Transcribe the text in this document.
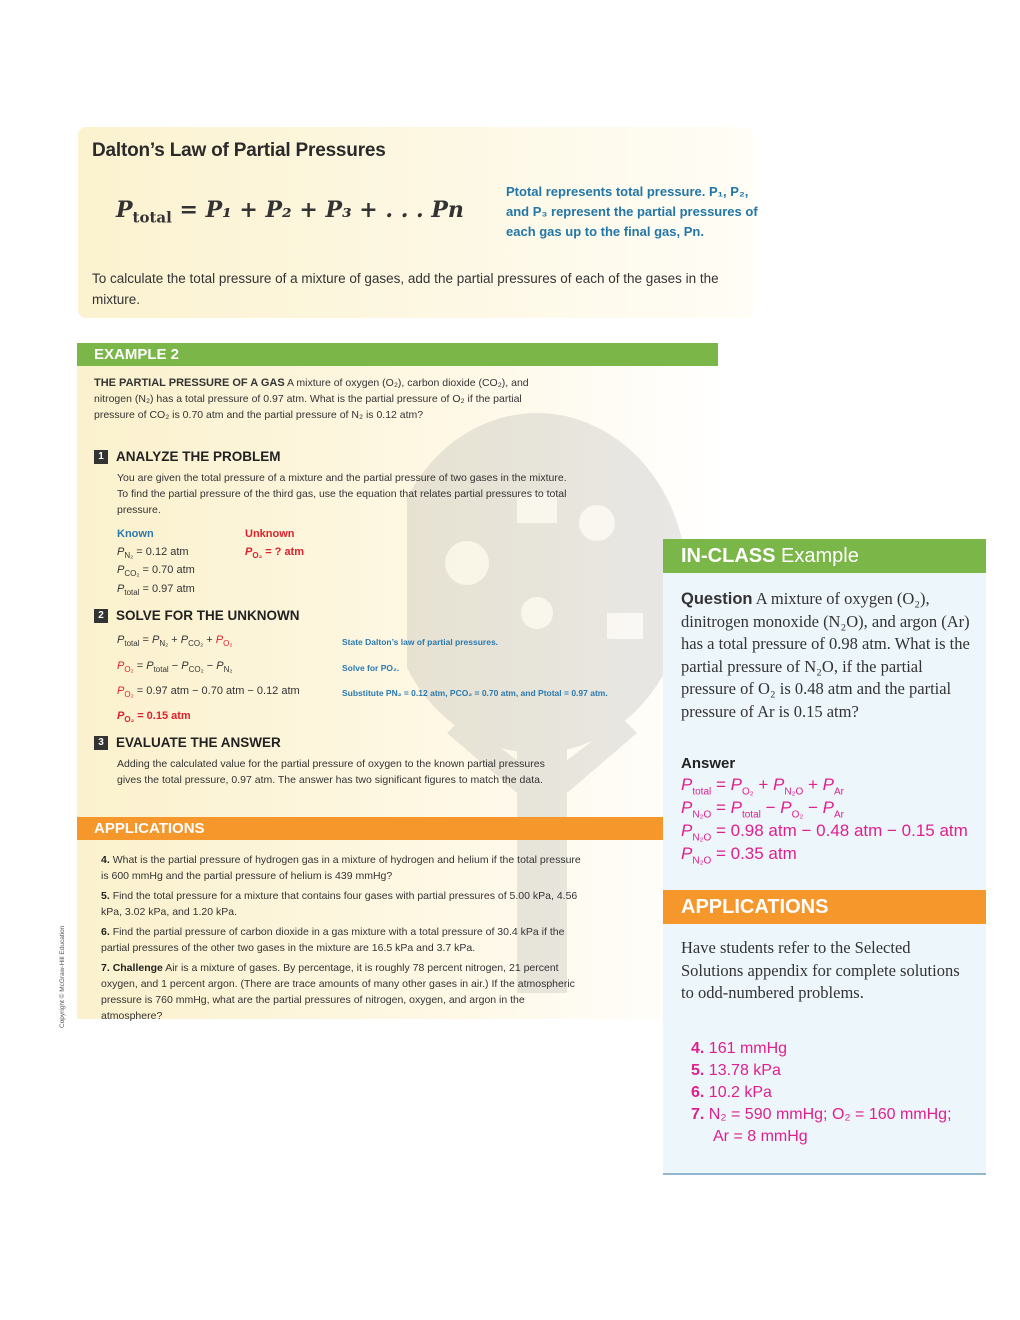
Dalton’s Law of Partial Pressures
$P_{total} = P_1 + P_2 + P_3$ + . . . Pn
Ptotal represents total pressure. P₁, P₂, and P₃ represent the partial pressures of each gas up to the final gas, Pn.
To calculate the total pressure of a mixture of gases, add the partial pressures of each of the gases in the mixture.
EXAMPLE 2
THE PARTIAL PRESSURE OF A GAS A mixture of oxygen (O₂), carbon dioxide (CO₂), and nitrogen (N₂) has a total pressure of 0.97 atm. What is the partial pressure of O₂ if the partial pressure of CO₂ is 0.70 atm and the partial pressure of N₂ is 0.12 atm?
1 ANALYZE THE PROBLEM
You are given the total pressure of a mixture and the partial pressure of two gases in the mixture. To find the partial pressure of the third gas, use the equation that relates partial pressures to total pressure.
Known	Unknown
$P_{N_2} = 0.12$ atm
$P_{CO_2} = 0.70$ atm
$P_{total} = 0.97$ atm
$P_{O_2}$ = ? atm
2 SOLVE FOR THE UNKNOWN
$P_{total} = P_{N_2} + P_{CO_2} + P_{O_2}$	State Dalton’s law of partial pressures.
$P_{O_2} = P_{total} - P_{CO_2} - P_{N_2}$	Solve for PO₂.
$P_{O_2} = 0.97$ atm − 0.70 atm − 0.12 atm	Substitute PN₂ = 0.12 atm, PCO₂ = 0.70 atm, and Ptotal = 0.97 atm.
$P_{O_2} = 0.15$ atm
3 EVALUATE THE ANSWER
Adding the calculated value for the partial pressure of oxygen to the known partial pressures gives the total pressure, 0.97 atm. The answer has two significant figures to match the data.
APPLICATIONS
4. What is the partial pressure of hydrogen gas in a mixture of hydrogen and helium if the total pressure is 600 mmHg and the partial pressure of helium is 439 mmHg?
5. Find the total pressure for a mixture that contains four gases with partial pressures of 5.00 kPa, 4.56 kPa, 3.02 kPa, and 1.20 kPa.
6. Find the partial pressure of carbon dioxide in a gas mixture with a total pressure of 30.4 kPa if the partial pressures of the other two gases in the mixture are 16.5 kPa and 3.7 kPa.
7. Challenge Air is a mixture of gases. By percentage, it is roughly 78 percent nitrogen, 21 percent oxygen, and 1 percent argon. (There are trace amounts of many other gases in air.) If the atmospheric pressure is 760 mmHg, what are the partial pressures of nitrogen, oxygen, and argon in the atmosphere?
Copyright © McGraw-Hill Education
IN-CLASS Example
Question A mixture of oxygen (O₂), dinitrogen monoxide (N₂O), and argon (Ar) has a total pressure of 0.98 atm. What is the partial pressure of N₂O, if the partial pressure of O₂ is 0.48 atm and the partial pressure of Ar is 0.15 atm?
Answer
$P_{total} = P_{O_2} + P_{N_2O} + P_{Ar}$
$P_{N_2O} = P_{total} - P_{O_2} - P_{Ar}$
$P_{N_2O} = 0.98$ atm − 0.48 atm − 0.15 atm
$P_{N_2O} = 0.35$ atm
APPLICATIONS
Have students refer to the Selected Solutions appendix for complete solutions to odd-numbered problems.
4. 161 mmHg
5. 13.78 kPa
6. 10.2 kPa
7. N₂ = 590 mmHg; O₂ = 160 mmHg;
Ar = 8 mmHg
